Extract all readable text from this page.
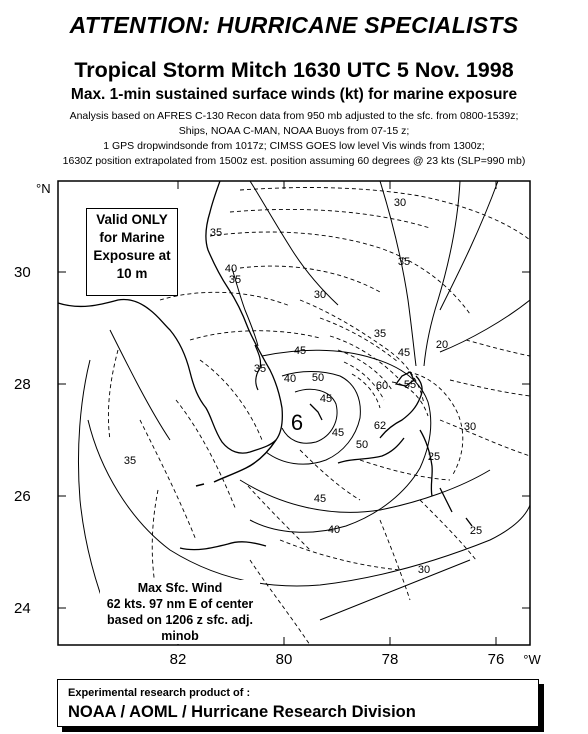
ATTENTION: HURRICANE SPECIALISTS
Tropical Storm Mitch 1630 UTC 5 Nov. 1998
Max. 1-min sustained surface winds (kt) for marine exposure
Analysis based on AFRES C-130 Recon data from 950 mb adjusted to the sfc. from 0800-1539z;
Ships, NOAA C-MAN, NOAA Buoys from 07-15 z;
1 GPS dropwindsonde from 1017z; CIMSS GOES low level Vis winds from 1300z;
1630Z position extrapolated from 1500z est. position assuming 60 degrees @ 23 kts (SLP=990 mb)
30
28
26
24
°N
82	80	78	76 °W
30
35
35
35
30
35
40
45	45
50
55
60
62
40
45
50
45
40
35
30
25
30
25
20
45
35
6
Valid ONLY
for Marine
Exposure at
10 m
Max Sfc. Wind
62 kts. 97 nm E of center
based on 1206 z sfc. adj. minob
Experimental research product of :
NOAA / AOML / Hurricane Research Division
